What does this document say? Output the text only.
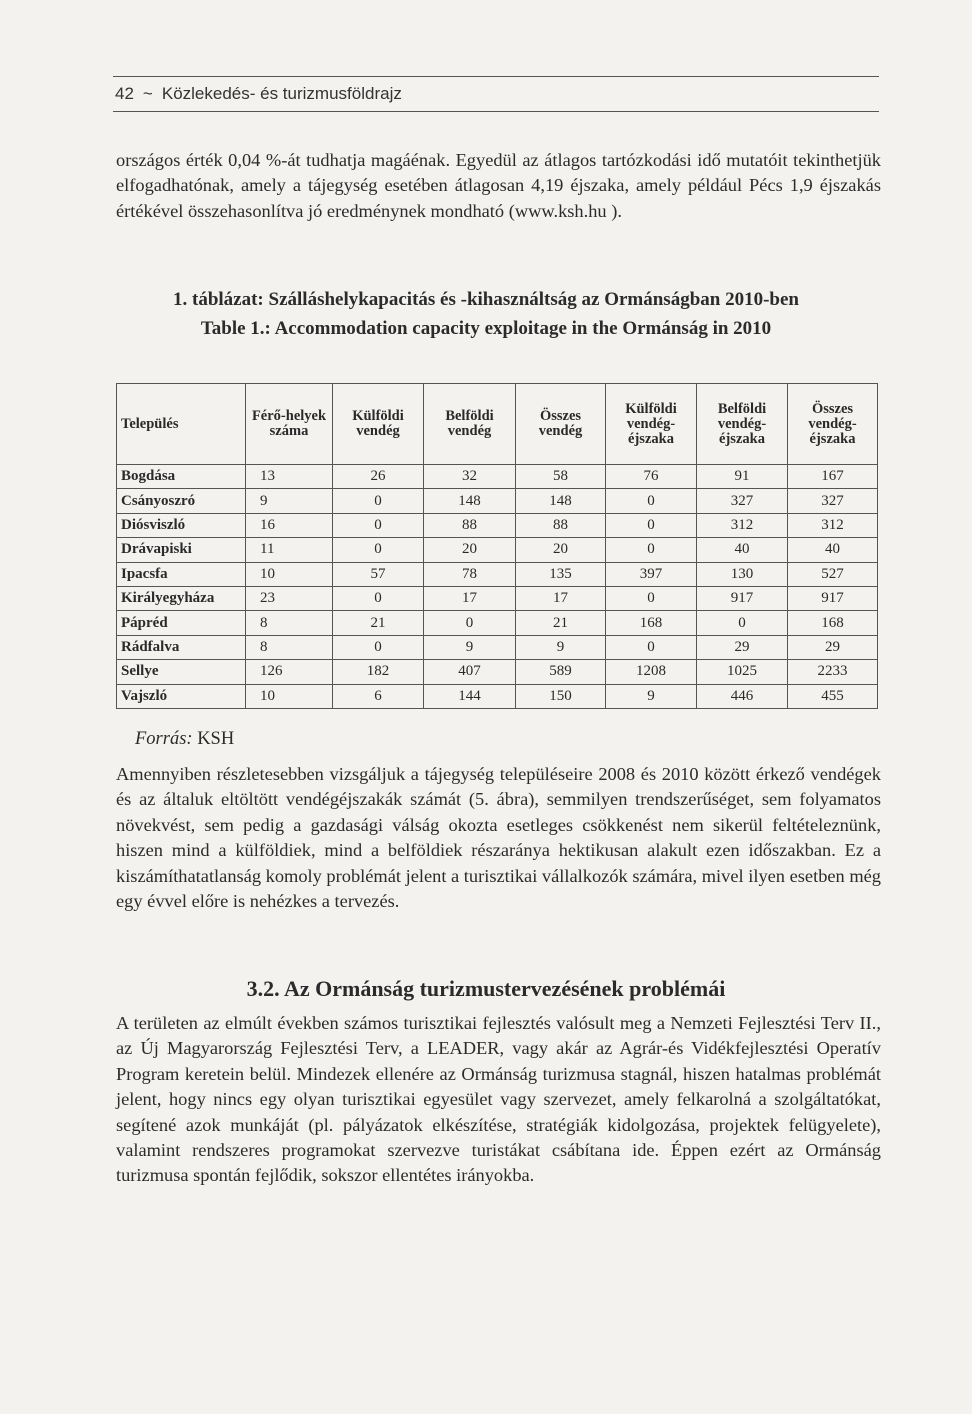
42 ~ Közlekedés- és turizmusföldrajz
országos érték 0,04 %-át tudhatja magáénak. Egyedül az átlagos tartózkodási idő mutatóit tekinthetjük elfogadhatónak, amely a tájegység esetében átlagosan 4,19 éjszaka, amely például Pécs 1,9 éjszakás értékével összehasonlítva jó eredménynek mondható (www.ksh.hu ).
1. táblázat: Szálláshelykapacitás és -kihasználtság az Ormánságban 2010-ben
Table 1.: Accommodation capacity exploitage in the Ormánság in 2010
Település	Férő-helyek száma	Külföldi vendég	Belföldi vendég	Összes vendég	Külföldi vendég-éjszaka	Belföldi vendég-éjszaka	Összes vendég-éjszaka
Bogdása	13	26	32	58	76	91	167
Csányoszró	9	0	148	148	0	327	327
Diósviszló	16	0	88	88	0	312	312
Drávapiski	11	0	20	20	0	40	40
Ipacsfa	10	57	78	135	397	130	527
Királyegyháza	23	0	17	17	0	917	917
Pápréd	8	21	0	21	168	0	168
Rádfalva	8	0	9	9	0	29	29
Sellye	126	182	407	589	1208	1025	2233
Vajszló	10	6	144	150	9	446	455
Forrás: KSH
Amennyiben részletesebben vizsgáljuk a tájegység településeire 2008 és 2010 között érkező vendégek és az általuk eltöltött vendégéjszakák számát (5. ábra), semmilyen trendszerűséget, sem folyamatos növekvést, sem pedig a gazdasági válság okozta esetleges csökkenést nem sikerül feltételeznünk, hiszen mind a külföldiek, mind a belföldiek részaránya hektikusan alakult ezen időszakban. Ez a kiszámíthatatlanság komoly problémát jelent a turisztikai vállalkozók számára, mivel ilyen esetben még egy évvel előre is nehézkes a tervezés.
3.2. Az Ormánság turizmustervezésének problémái
A területen az elmúlt években számos turisztikai fejlesztés valósult meg a Nemzeti Fejlesztési Terv II., az Új Magyarország Fejlesztési Terv, a LEADER, vagy akár az Agrár-és Vidékfejlesztési Operatív Program keretein belül. Mindezek ellenére az Ormánság turizmusa stagnál, hiszen hatalmas problémát jelent, hogy nincs egy olyan turisztikai egyesület vagy szervezet, amely felkarolná a szolgáltatókat, segítené azok munkáját (pl. pályázatok elkészítése, stratégiák kidolgozása, projektek felügyelete), valamint rendszeres programokat szervezve turistákat csábítana ide. Éppen ezért az Ormánság turizmusa spontán fejlődik, sokszor ellentétes irányokba.
